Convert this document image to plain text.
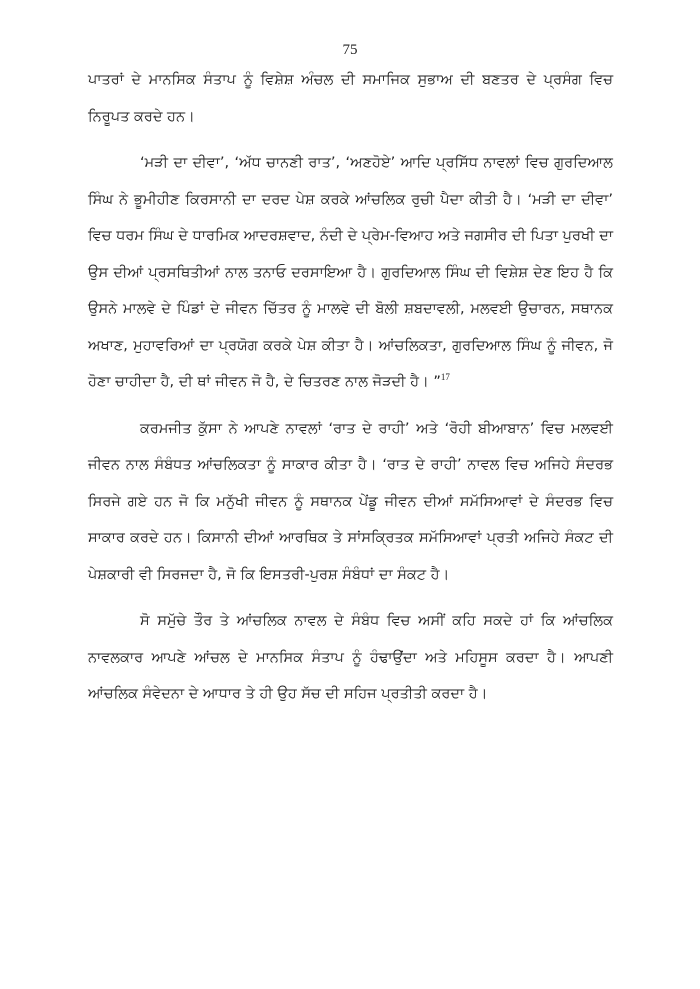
75

ਪਾਤਰਾਂ ਦੇ ਮਾਨਸਿਕ ਸੰਤਾਪ ਨੂੰ ਵਿਸ਼ੇਸ਼ ਅੰਚਲ ਦੀ ਸਮਾਜਿਕ ਸੁਭਾਅ ਦੀ ਬਣਤਰ ਦੇ ਪ੍ਰਸੰਗ ਵਿਚ ਨਿਰੂਪਤ ਕਰਦੇ ਹਨ।

‘ਮੜੀ ਦਾ ਦੀਵਾ’, ‘ਅੱਧ ਚਾਨਣੀ ਰਾਤ’, ‘ਅਣਹੋਏ’ ਆਦਿ ਪ੍ਰਸਿੱਧ ਨਾਵਲਾਂ ਵਿਚ ਗੁਰਦਿਆਲ ਸਿੰਘ ਨੇ ਭੂਮੀਹੀਣ ਕਿਰਸਾਨੀ ਦਾ ਦਰਦ ਪੇਸ਼ ਕਰਕੇ ਆਂਚਲਿਕ ਰੁਚੀ ਪੈਦਾ ਕੀਤੀ ਹੈ। ‘ਮੜੀ ਦਾ ਦੀਵਾ’ ਵਿਚ ਧਰਮ ਸਿੰਘ ਦੇ ਧਾਰਮਿਕ ਆਦਰਸ਼ਵਾਦ, ਨੰਦੀ ਦੇ ਪ੍ਰੇਮ-ਵਿਆਹ ਅਤੇ ਜਗਸੀਰ ਦੀ ਪਿਤਾ ਪੁਰਖੀ ਦਾ ਉਸ ਦੀਆਂ ਪ੍ਰਸਥਿਤੀਆਂ ਨਾਲ ਤਨਾਓ ਦਰਸਾਇਆ ਹੈ। ਗੁਰਦਿਆਲ ਸਿੰਘ ਦੀ ਵਿਸ਼ੇਸ਼ ਦੇਣ ਇਹ ਹੈ ਕਿ ਉਸਨੇ ਮਾਲਵੇ ਦੇ ਪਿੰਡਾਂ ਦੇ ਜੀਵਨ ਚਿੱਤਰ ਨੂੰ ਮਾਲਵੇ ਦੀ ਬੋਲੀ ਸ਼ਬਦਾਵਲੀ, ਮਲਵਈ ਉਚਾਰਨ, ਸਥਾਨਕ ਅਖਾਣ, ਮੁਹਾਵਰਿਆਂ ਦਾ ਪ੍ਰਯੋਗ ਕਰਕੇ ਪੇਸ਼ ਕੀਤਾ ਹੈ। ਆਂਚਲਿਕਤਾ, ਗੁਰਦਿਆਲ ਸਿੰਘ ਨੂੰ ਜੀਵਨ, ਜੋ ਹੋਣਾ ਚਾਹੀਦਾ ਹੈ, ਦੀ ਥਾਂ ਜੀਵਨ ਜੋ ਹੈ, ਦੇ ਚਿਤਰਣ ਨਾਲ ਜੋੜਦੀ ਹੈ। ”$^{17}$

ਕਰਮਜੀਤ ਕੁੱਸਾ ਨੇ ਆਪਣੇ ਨਾਵਲਾਂ ‘ਰਾਤ ਦੇ ਰਾਹੀ’ ਅਤੇ ‘ਰੋਹੀ ਬੀਆਬਾਨ’ ਵਿਚ ਮਲਵਈ ਜੀਵਨ ਨਾਲ ਸੰਬੰਧਤ ਆਂਚਲਿਕਤਾ ਨੂੰ ਸਾਕਾਰ ਕੀਤਾ ਹੈ। ‘ਰਾਤ ਦੇ ਰਾਹੀ’ ਨਾਵਲ ਵਿਚ ਅਜਿਹੇ ਸੰਦਰਭ ਸਿਰਜੇ ਗਏ ਹਨ ਜੋ ਕਿ ਮਨੁੱਖੀ ਜੀਵਨ ਨੂੰ ਸਥਾਨਕ ਪੇਂਡੂ ਜੀਵਨ ਦੀਆਂ ਸਮੱਸਿਆਵਾਂ ਦੇ ਸੰਦਰਭ ਵਿਚ ਸਾਕਾਰ ਕਰਦੇ ਹਨ। ਕਿਸਾਨੀ ਦੀਆਂ ਆਰਥਿਕ ਤੇ ਸਾਂਸਕ੍ਰਿਤਕ ਸਮੱਸਿਆਵਾਂ ਪ੍ਰਤੀ ਅਜਿਹੇ ਸੰਕਟ ਦੀ ਪੇਸ਼ਕਾਰੀ ਵੀ ਸਿਰਜਦਾ ਹੈ, ਜੋ ਕਿ ਇਸਤਰੀ-ਪੁਰਸ਼ ਸੰਬੰਧਾਂ ਦਾ ਸੰਕਟ ਹੈ।

ਸੋ ਸਮੁੱਚੇ ਤੌਰ ਤੇ ਆਂਚਲਿਕ ਨਾਵਲ ਦੇ ਸੰਬੰਧ ਵਿਚ ਅਸੀਂ ਕਹਿ ਸਕਦੇ ਹਾਂ ਕਿ ਆਂਚਲਿਕ ਨਾਵਲਕਾਰ ਆਪਣੇ ਆਂਚਲ ਦੇ ਮਾਨਸਿਕ ਸੰਤਾਪ ਨੂੰ ਹੰਢਾਉਂਦਾ ਅਤੇ ਮਹਿਸੂਸ ਕਰਦਾ ਹੈ। ਆਪਣੀ ਆਂਚਲਿਕ ਸੰਵੇਦਨਾ ਦੇ ਆਧਾਰ ਤੇ ਹੀ ਉਹ ਸੱਚ ਦੀ ਸਹਿਜ ਪ੍ਰਤੀਤੀ ਕਰਦਾ ਹੈ।
